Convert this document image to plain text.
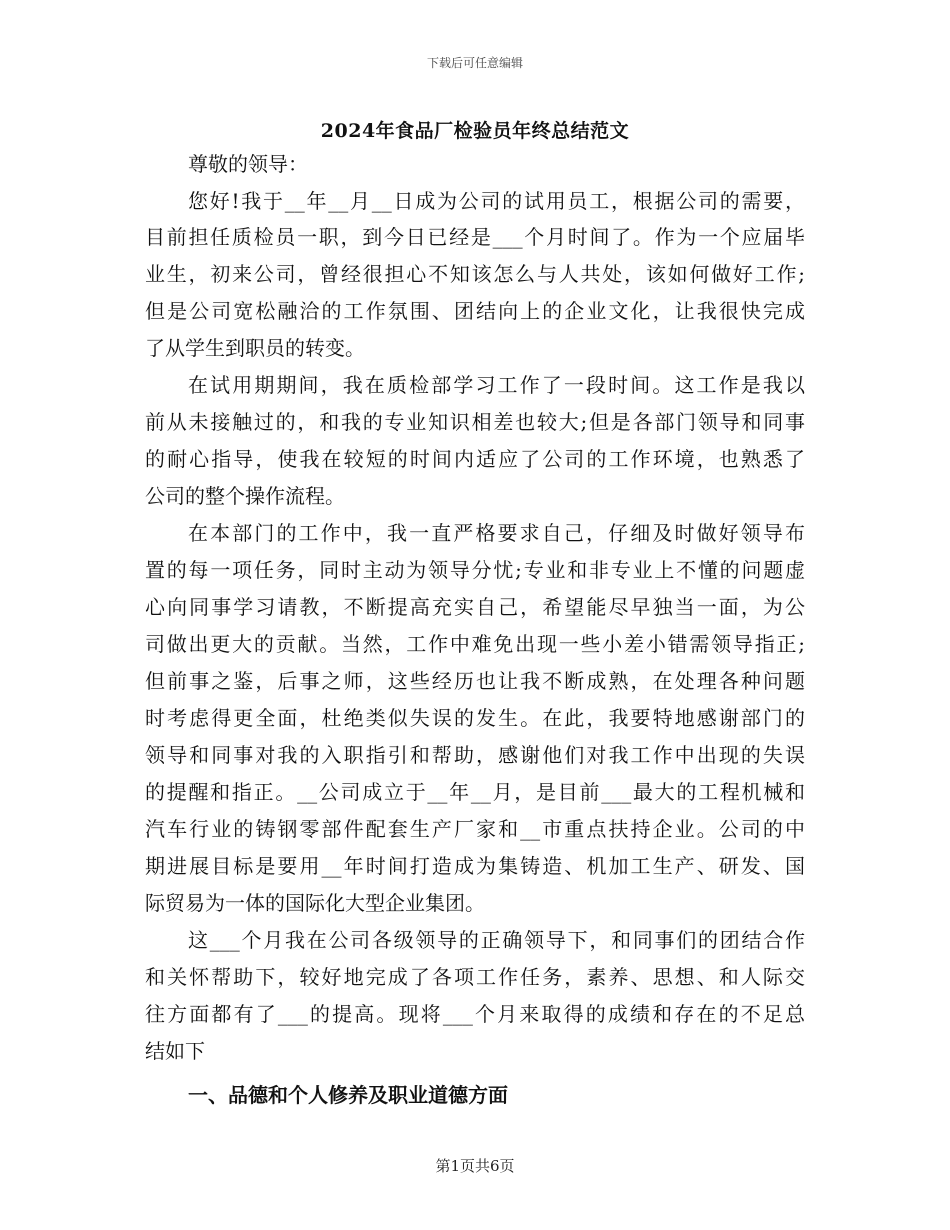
下载后可任意编辑
2024年食品厂检验员年终总结范文
尊敬的领导：
您好!我于__年__月__日成为公司的试用员工，根据公司的需要，
目前担任质检员一职，到今日已经是___个月时间了。作为一个应届毕
业生，初来公司，曾经很担心不知该怎么与人共处，该如何做好工作;
但是公司宽松融洽的工作氛围、团结向上的企业文化，让我很快完成
了从学生到职员的转变。
在试用期期间，我在质检部学习工作了一段时间。这工作是我以
前从未接触过的，和我的专业知识相差也较大;但是各部门领导和同事
的耐心指导，使我在较短的时间内适应了公司的工作环境，也熟悉了
公司的整个操作流程。
在本部门的工作中，我一直严格要求自己，仔细及时做好领导布
置的每一项任务，同时主动为领导分忧;专业和非专业上不懂的问题虚
心向同事学习请教，不断提高充实自己，希望能尽早独当一面，为公
司做出更大的贡献。当然，工作中难免出现一些小差小错需领导指正;
但前事之鉴，后事之师，这些经历也让我不断成熟，在处理各种问题
时考虑得更全面，杜绝类似失误的发生。在此，我要特地感谢部门的
领导和同事对我的入职指引和帮助，感谢他们对我工作中出现的失误
的提醒和指正。__公司成立于__年__月，是目前___最大的工程机械和
汽车行业的铸钢零部件配套生产厂家和__市重点扶持企业。公司的中
期进展目标是要用__年时间打造成为集铸造、机加工生产、研发、国
际贸易为一体的国际化大型企业集团。
这___个月我在公司各级领导的正确领导下，和同事们的团结合作
和关怀帮助下，较好地完成了各项工作任务，素养、思想、和人际交
往方面都有了___的提高。现将___个月来取得的成绩和存在的不足总
结如下
一、品德和个人修养及职业道德方面
第1页共6页
